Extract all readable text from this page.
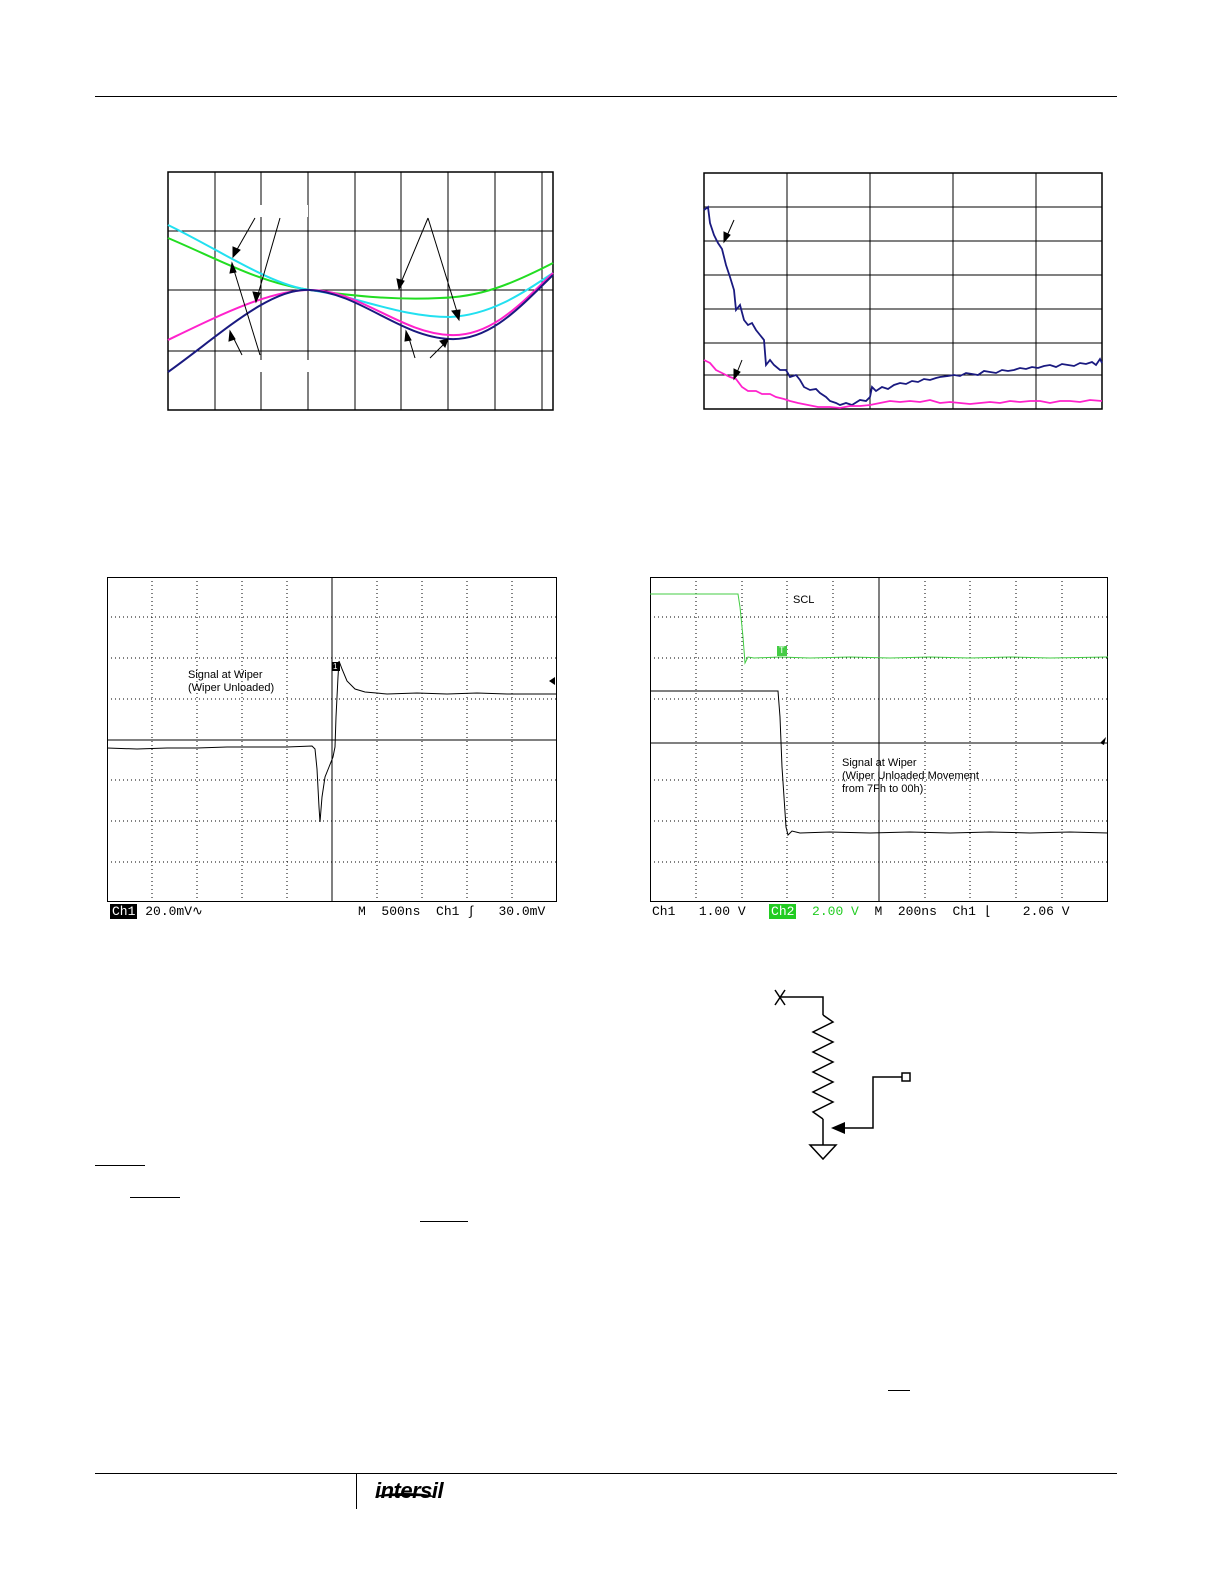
Signal at Wiper
(Wiper Unloaded)
1
Ch1 20.0mV∿	M  500ns Ch1 ∫ 30.0mV
SCL
T
Signal at Wiper
(Wiper Unloaded Movement
from 7Fh to 00h)
Ch1 1.00 V Ch2 2.00 V M  200ns Ch1 ⌊ 2.06 V
intersil
